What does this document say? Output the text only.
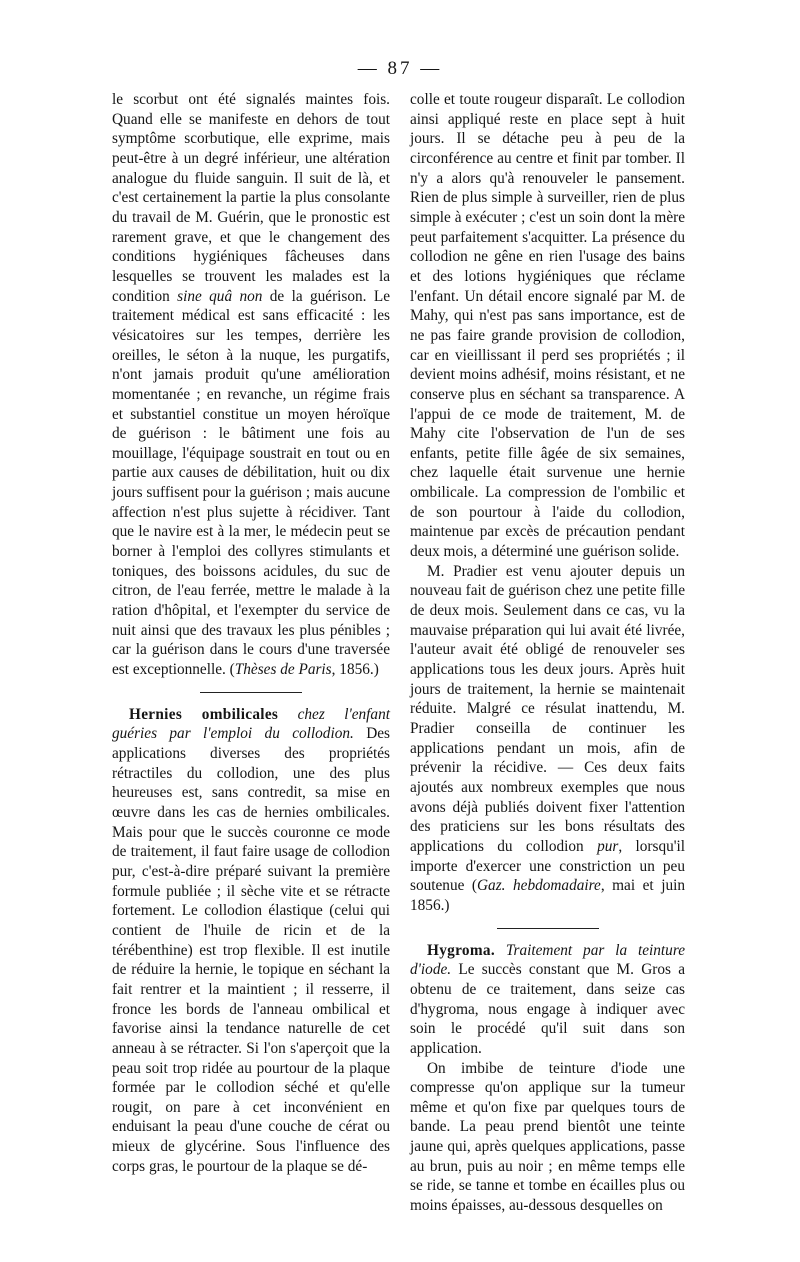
— 87 —

le scorbut ont été signalés maintes fois. Quand elle se manifeste en dehors de tout symptôme scorbutique, elle exprime, mais peut-être à un degré inférieur, une altération analogue du fluide sanguin. Il suit de là, et c'est certainement la partie la plus consolante du travail de M. Guérin, que le pronostic est rarement grave, et que le changement des conditions hygiéniques fâcheuses dans lesquelles se trouvent les malades est la condition sine quâ non de la guérison. Le traitement médical est sans efficacité : les vésicatoires sur les tempes, derrière les oreilles, le séton à la nuque, les purgatifs, n'ont jamais produit qu'une amélioration momentanée ; en revanche, un régime frais et substantiel constitue un moyen héroïque de guérison : le bâtiment une fois au mouillage, l'équipage soustrait en tout ou en partie aux causes de débilitation, huit ou dix jours suffisent pour la guérison ; mais aucune affection n'est plus sujette à récidiver. Tant que le navire est à la mer, le médecin peut se borner à l'emploi des collyres stimulants et toniques, des boissons acidules, du suc de citron, de l'eau ferrée, mettre le malade à la ration d'hôpital, et l'exempter du service de nuit ainsi que des travaux les plus pénibles ; car la guérison dans le cours d'une traversée est exceptionnelle. (Thèses de Paris, 1856.)

Hernies ombilicales chez l'enfant guéries par l'emploi du collodion. Des applications diverses des propriétés rétractiles du collodion, une des plus heureuses est, sans contredit, sa mise en œuvre dans les cas de hernies ombilicales. Mais pour que le succès couronne ce mode de traitement, il faut faire usage de collodion pur, c'est-à-dire préparé suivant la première formule publiée ; il sèche vite et se rétracte fortement. Le collodion élastique (celui qui contient de l'huile de ricin et de la térébenthine) est trop flexible. Il est inutile de réduire la hernie, le topique en séchant la fait rentrer et la maintient ; il resserre, il fronce les bords de l'anneau ombilical et favorise ainsi la tendance naturelle de cet anneau à se rétracter. Si l'on s'aperçoit que la peau soit trop ridée au pourtour de la plaque formée par le collodion séché et qu'elle rougit, on pare à cet inconvénient en enduisant la peau d'une couche de cérat ou mieux de glycérine. Sous l'influence des corps gras, le pourtour de la plaque se dé-

colle et toute rougeur disparaît. Le collodion ainsi appliqué reste en place sept à huit jours. Il se détache peu à peu de la circonférence au centre et finit par tomber. Il n'y a alors qu'à renouveler le pansement. Rien de plus simple à surveiller, rien de plus simple à exécuter ; c'est un soin dont la mère peut parfaitement s'acquitter. La présence du collodion ne gêne en rien l'usage des bains et des lotions hygiéniques que réclame l'enfant. Un détail encore signalé par M. de Mahy, qui n'est pas sans importance, est de ne pas faire grande provision de collodion, car en vieillissant il perd ses propriétés ; il devient moins adhésif, moins résistant, et ne conserve plus en séchant sa transparence. A l'appui de ce mode de traitement, M. de Mahy cite l'observation de l'un de ses enfants, petite fille âgée de six semaines, chez laquelle était survenue une hernie ombilicale. La compression de l'ombilic et de son pourtour à l'aide du collodion, maintenue par excès de précaution pendant deux mois, a déterminé une guérison solide.

M. Pradier est venu ajouter depuis un nouveau fait de guérison chez une petite fille de deux mois. Seulement dans ce cas, vu la mauvaise préparation qui lui avait été livrée, l'auteur avait été obligé de renouveler ses applications tous les deux jours. Après huit jours de traitement, la hernie se maintenait réduite. Malgré ce résulat inattendu, M. Pradier conseilla de continuer les applications pendant un mois, afin de prévenir la récidive. — Ces deux faits ajoutés aux nombreux exemples que nous avons déjà publiés doivent fixer l'attention des praticiens sur les bons résultats des applications du collodion pur, lorsqu'il importe d'exercer une constriction un peu soutenue (Gaz. hebdomadaire, mai et juin 1856.)

Hygroma. Traitement par la teinture d'iode. Le succès constant que M. Gros a obtenu de ce traitement, dans seize cas d'hygroma, nous engage à indiquer avec soin le procédé qu'il suit dans son application.

On imbibe de teinture d'iode une compresse qu'on applique sur la tumeur même et qu'on fixe par quelques tours de bande. La peau prend bientôt une teinte jaune qui, après quelques applications, passe au brun, puis au noir ; en même temps elle se ride, se tanne et tombe en écailles plus ou moins épaisses, au-dessous desquelles on
